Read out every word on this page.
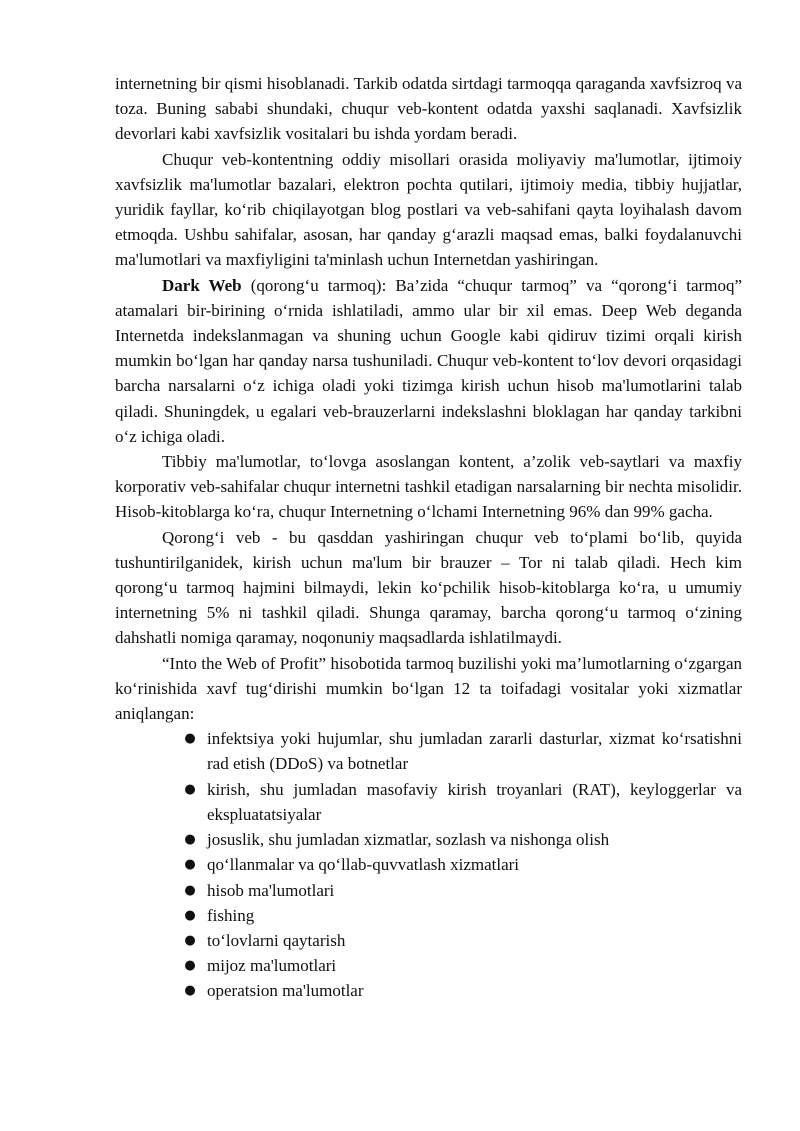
internetning bir qismi hisoblanadi. Tarkib odatda sirtdagi tarmoqqa qaraganda xavfsizroq va toza. Buning sababi shundaki, chuqur veb-kontent odatda yaxshi saqlanadi. Xavfsizlik devorlari kabi xavfsizlik vositalari bu ishda yordam beradi.

Chuqur veb-kontentning oddiy misollari orasida moliyaviy ma'lumotlar, ijtimoiy xavfsizlik ma'lumotlar bazalari, elektron pochta qutilari, ijtimoiy media, tibbiy hujjatlar, yuridik fayllar, koʻrib chiqilayotgan blog postlari va veb-sahifani qayta loyihalash davom etmoqda. Ushbu sahifalar, asosan, har qanday gʻarazli maqsad emas, balki foydalanuvchi ma'lumotlari va maxfiyligini ta'minlash uchun Internetdan yashiringan.

Dark Web (qorongʻu tarmoq): Ba’zida “chuqur tarmoq” va “qorongʻi tarmoq” atamalari bir-birining oʻrnida ishlatiladi, ammo ular bir xil emas. Deep Web deganda Internetda indekslanmagan va shuning uchun Google kabi qidiruv tizimi orqali kirish mumkin boʻlgan har qanday narsa tushuniladi. Chuqur veb-kontent toʻlov devori orqasidagi barcha narsalarni oʻz ichiga oladi yoki tizimga kirish uchun hisob ma'lumotlarini talab qiladi. Shuningdek, u egalari veb-brauzerlarni indekslashni bloklagan har qanday tarkibni oʻz ichiga oladi.

Tibbiy ma'lumotlar, toʻlovga asoslangan kontent, a’zolik veb-saytlari va maxfiy korporativ veb-sahifalar chuqur internetni tashkil etadigan narsalarning bir nechta misolidir. Hisob-kitoblarga koʻra, chuqur Internetning oʻlchami Internetning 96% dan 99% gacha.

Qorongʻi veb - bu qasddan yashiringan chuqur veb toʻplami boʻlib, quyida tushuntirilganidek, kirish uchun ma'lum bir brauzer – Tor ni talab qiladi. Hech kim qorongʻu tarmoq hajmini bilmaydi, lekin koʻpchilik hisob-kitoblarga koʻra, u umumiy internetning 5% ni tashkil qiladi. Shunga qaramay, barcha qorongʻu tarmoq oʻzining dahshatli nomiga qaramay, noqonuniy maqsadlarda ishlatilmaydi.

“Into the Web of Profit” hisobotida tarmoq buzilishi yoki ma’lumotlarning oʻzgargan koʻrinishida xavf tugʻdirishi mumkin boʻlgan 12 ta toifadagi vositalar yoki xizmatlar aniqlangan:

● infektsiya yoki hujumlar, shu jumladan zararli dasturlar, xizmat koʻrsatishni rad etish (DDoS) va botnetlar
● kirish, shu jumladan masofaviy kirish troyanlari (RAT), keyloggerlar va ekspluatatsiyalar
● josuslik, shu jumladan xizmatlar, sozlash va nishonga olish
● qoʻllanmalar va qoʻllab-quvvatlash xizmatlari
● hisob ma'lumotlari
● fishing
● toʻlovlarni qaytarish
● mijoz ma'lumotlari
● operatsion ma'lumotlar
